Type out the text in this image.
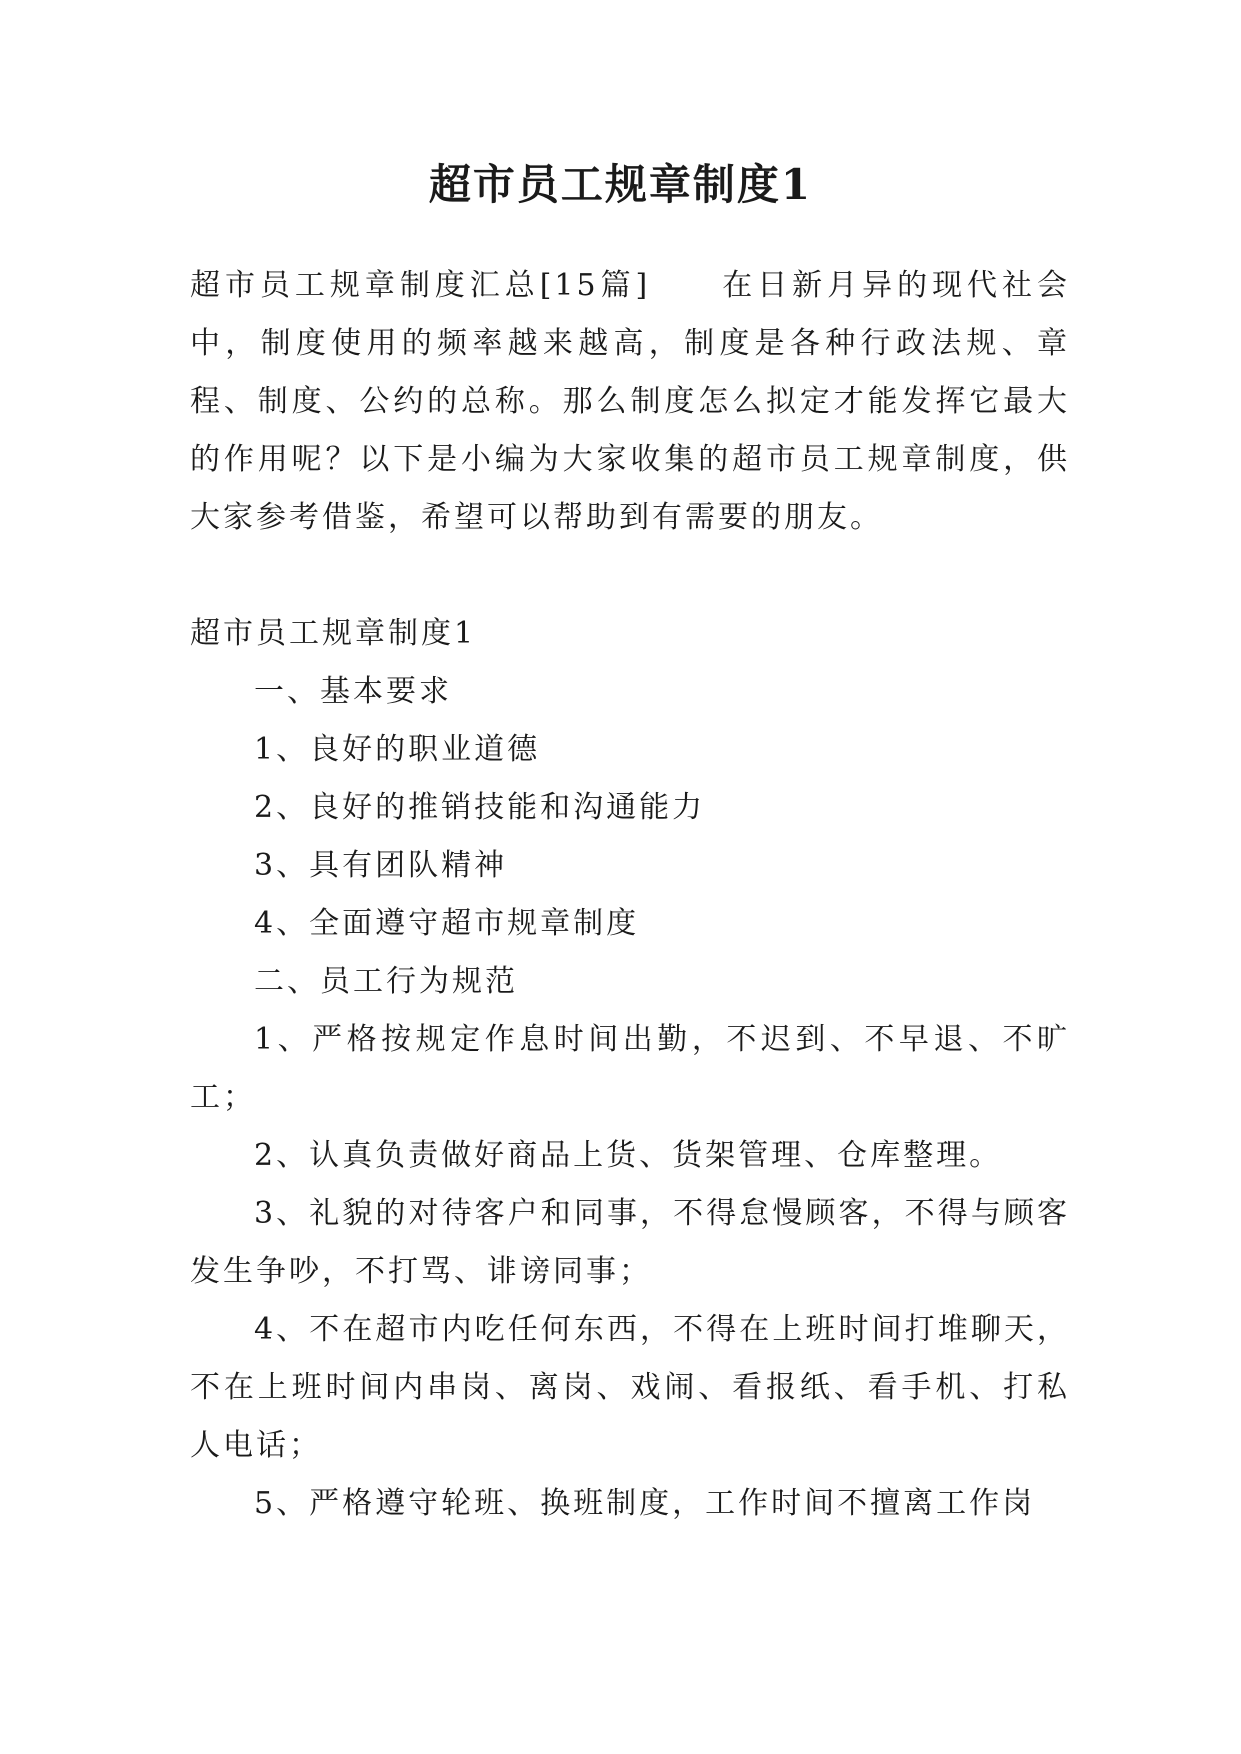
超市员工规章制度1

超市员工规章制度汇总[15篇] 在日新月异的现代社会中，制度使用的频率越来越高，制度是各种行政法规、章程、制度、公约的总称。那么制度怎么拟定才能发挥它最大的作用呢？以下是小编为大家收集的超市员工规章制度，供大家参考借鉴，希望可以帮助到有需要的朋友。

超市员工规章制度1

一、基本要求

1、良好的职业道德

2、良好的推销技能和沟通能力

3、具有团队精神

4、全面遵守超市规章制度

二、员工行为规范

1、严格按规定作息时间出勤，不迟到、不早退、不旷工；

2、认真负责做好商品上货、货架管理、仓库整理。

3、礼貌的对待客户和同事，不得怠慢顾客，不得与顾客发生争吵，不打骂、诽谤同事；

4、不在超市内吃任何东西，不得在上班时间打堆聊天，不在上班时间内串岗、离岗、戏闹、看报纸、看手机、打私人电话；

5、严格遵守轮班、换班制度，工作时间不擅离工作岗
